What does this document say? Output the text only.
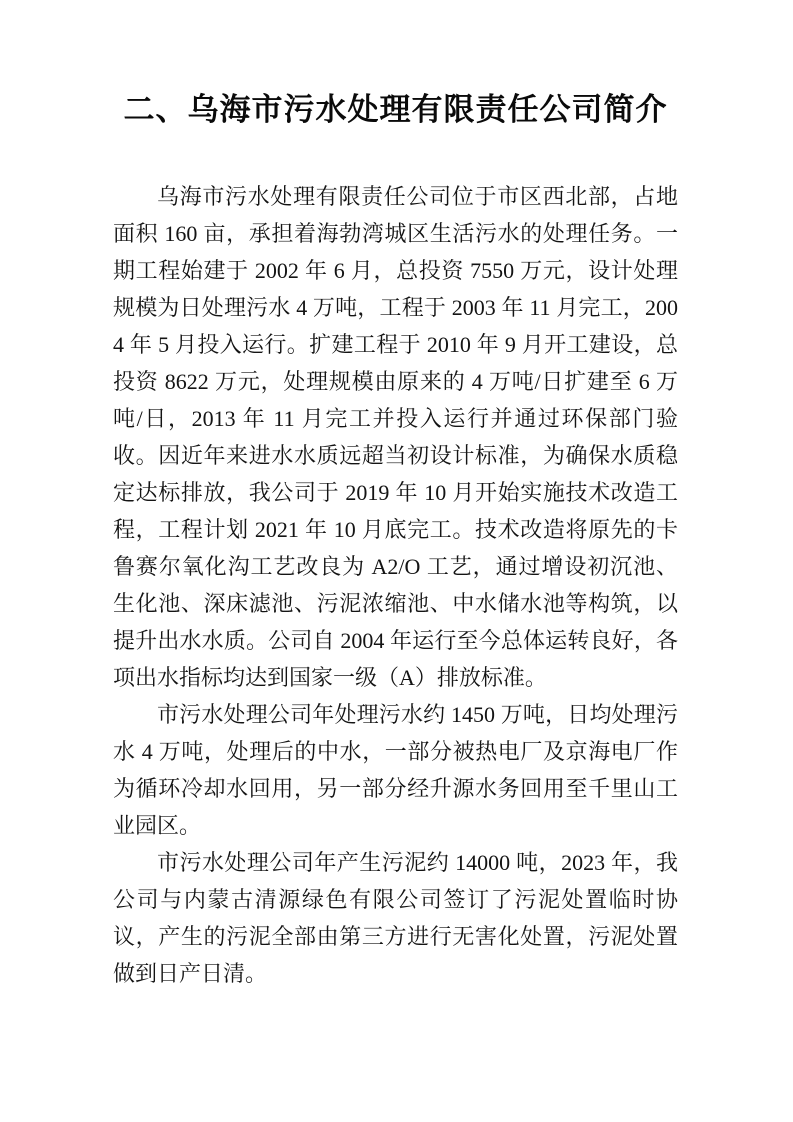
二、乌海市污水处理有限责任公司简介

乌海市污水处理有限责任公司位于市区西北部，占地面积 160 亩，承担着海勃湾城区生活污水的处理任务。一期工程始建于 2002 年 6 月，总投资 7550 万元，设计处理规模为日处理污水 4 万吨，工程于 2003 年 11 月完工，2004 年 5 月投入运行。扩建工程于 2010 年 9 月开工建设，总投资 8622 万元，处理规模由原来的 4 万吨/日扩建至 6 万吨/日，2013 年 11 月完工并投入运行并通过环保部门验收。因近年来进水水质远超当初设计标准，为确保水质稳定达标排放，我公司于 2019 年 10 月开始实施技术改造工程，工程计划 2021 年 10 月底完工。技术改造将原先的卡鲁赛尔氧化沟工艺改良为 A2/O 工艺，通过增设初沉池、生化池、深床滤池、污泥浓缩池、中水储水池等构筑，以提升出水水质。公司自 2004 年运行至今总体运转良好，各项出水指标均达到国家一级（A）排放标准。

市污水处理公司年处理污水约 1450 万吨，日均处理污水 4 万吨，处理后的中水，一部分被热电厂及京海电厂作为循环冷却水回用，另一部分经升源水务回用至千里山工业园区。

市污水处理公司年产生污泥约 14000 吨，2023 年，我公司与内蒙古清源绿色有限公司签订了污泥处置临时协议，产生的污泥全部由第三方进行无害化处置，污泥处置做到日产日清。
